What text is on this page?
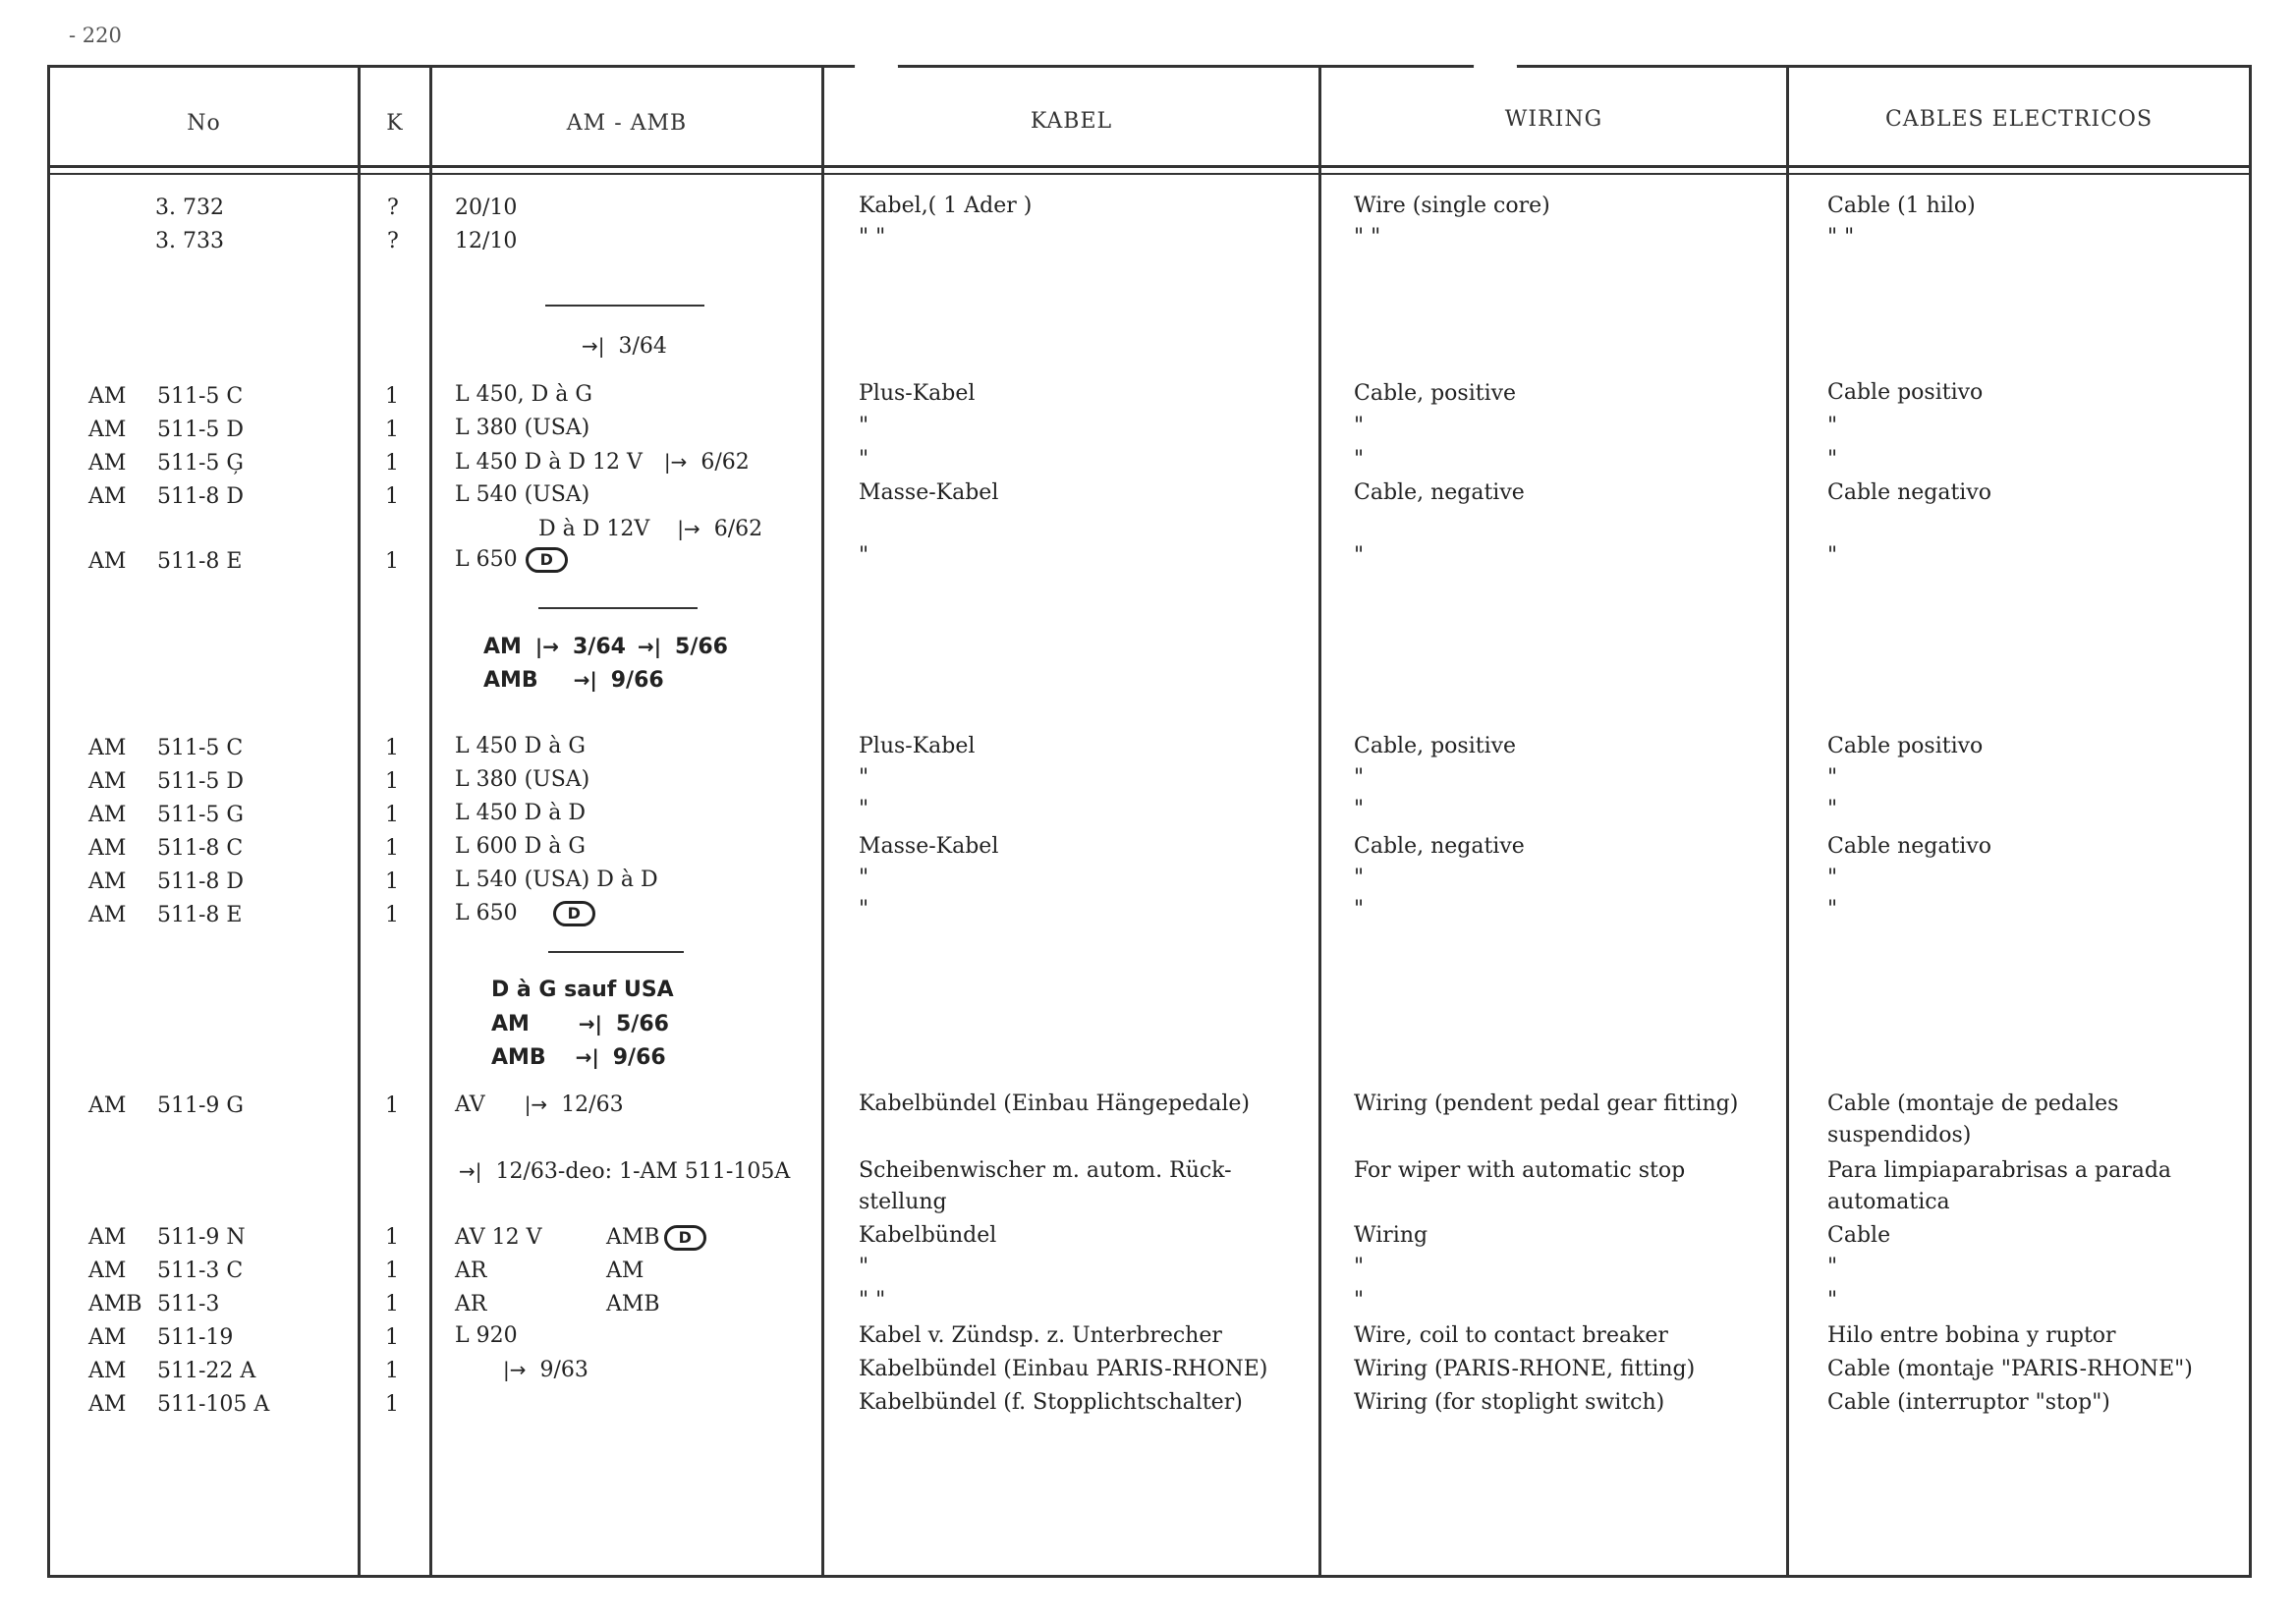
- 220
No	K	AM - AMB	KABEL	WIRING	CABLES ELECTRICOS
3. 732	?	20/10	Kabel,( 1 Ader )	Wire (single core)	Cable (1 hilo)
3. 733	?	12/10	" "	" "	" "
→| 3/64
AM 511-5 C	1	L 450, D à G	Plus-Kabel	Cable, positive	Cable positivo
AM 511-5 D	1	L 380 (USA)	"	"	"
AM 511-5 Ģ	1	L 450 D à D 12 V |→ 6/62	"	"	"
AM 511-8 D	1	L 540 (USA)	Masse-Kabel	Cable, negative	Cable negativo
D à D 12V |→ 6/62
AM 511-8 E	1	L 650 D	"	"	"
AM |→ 3/64 →| 5/66
AMB →| 9/66
AM 511-5 C	1	L 450 D à G	Plus-Kabel	Cable, positive	Cable positivo
AM 511-5 D	1	L 380 (USA)	"	"	"
AM 511-5 G	1	L 450 D à D	"	"	"
AM 511-8 C	1	L 600 D à G	Masse-Kabel	Cable, negative	Cable negativo
AM 511-8 D	1	L 540 (USA) D à D	"	"	"
AM 511-8 E	1	L 650	D	"	"	"
D à G sauf USA
AM	→| 5/66
AMB →| 9/66
AM 511-9 G	1	AV |→ 12/63	Kabelbündel (Einbau Hängepedale)	Wiring (pendent pedal gear fitting)	Cable (montaje de pedales
suspendidos)
→| 12/63-deo: 1-AM 511-105A	Scheibenwischer m. autom. Rück-
stellung
For wiper with automatic stop	Para limpiaparabrisas a parada
automatica
AM 511-9 N	1	AV 12 V	AMB D	Kabelbündel	Wiring	Cable
AM 511-3 C	1	AR	AM	"	"	"
AMB 511-3	1	AR	AMB	" "	"	"
AM 511-19	1	L 920	Kabel v. Zündsp. z. Unterbrecher	Wire, coil to contact breaker	Hilo entre bobina y ruptor
AM 511-22 A	1	|→ 9/63	Kabelbündel (Einbau PARIS-RHONE)	Wiring (PARIS-RHONE, fitting)	Cable (montaje "PARIS-RHONE")
AM 511-105 A	1	Kabelbündel (f. Stopplichtschalter)	Wiring (for stoplight switch)	Cable (interruptor "stop")
